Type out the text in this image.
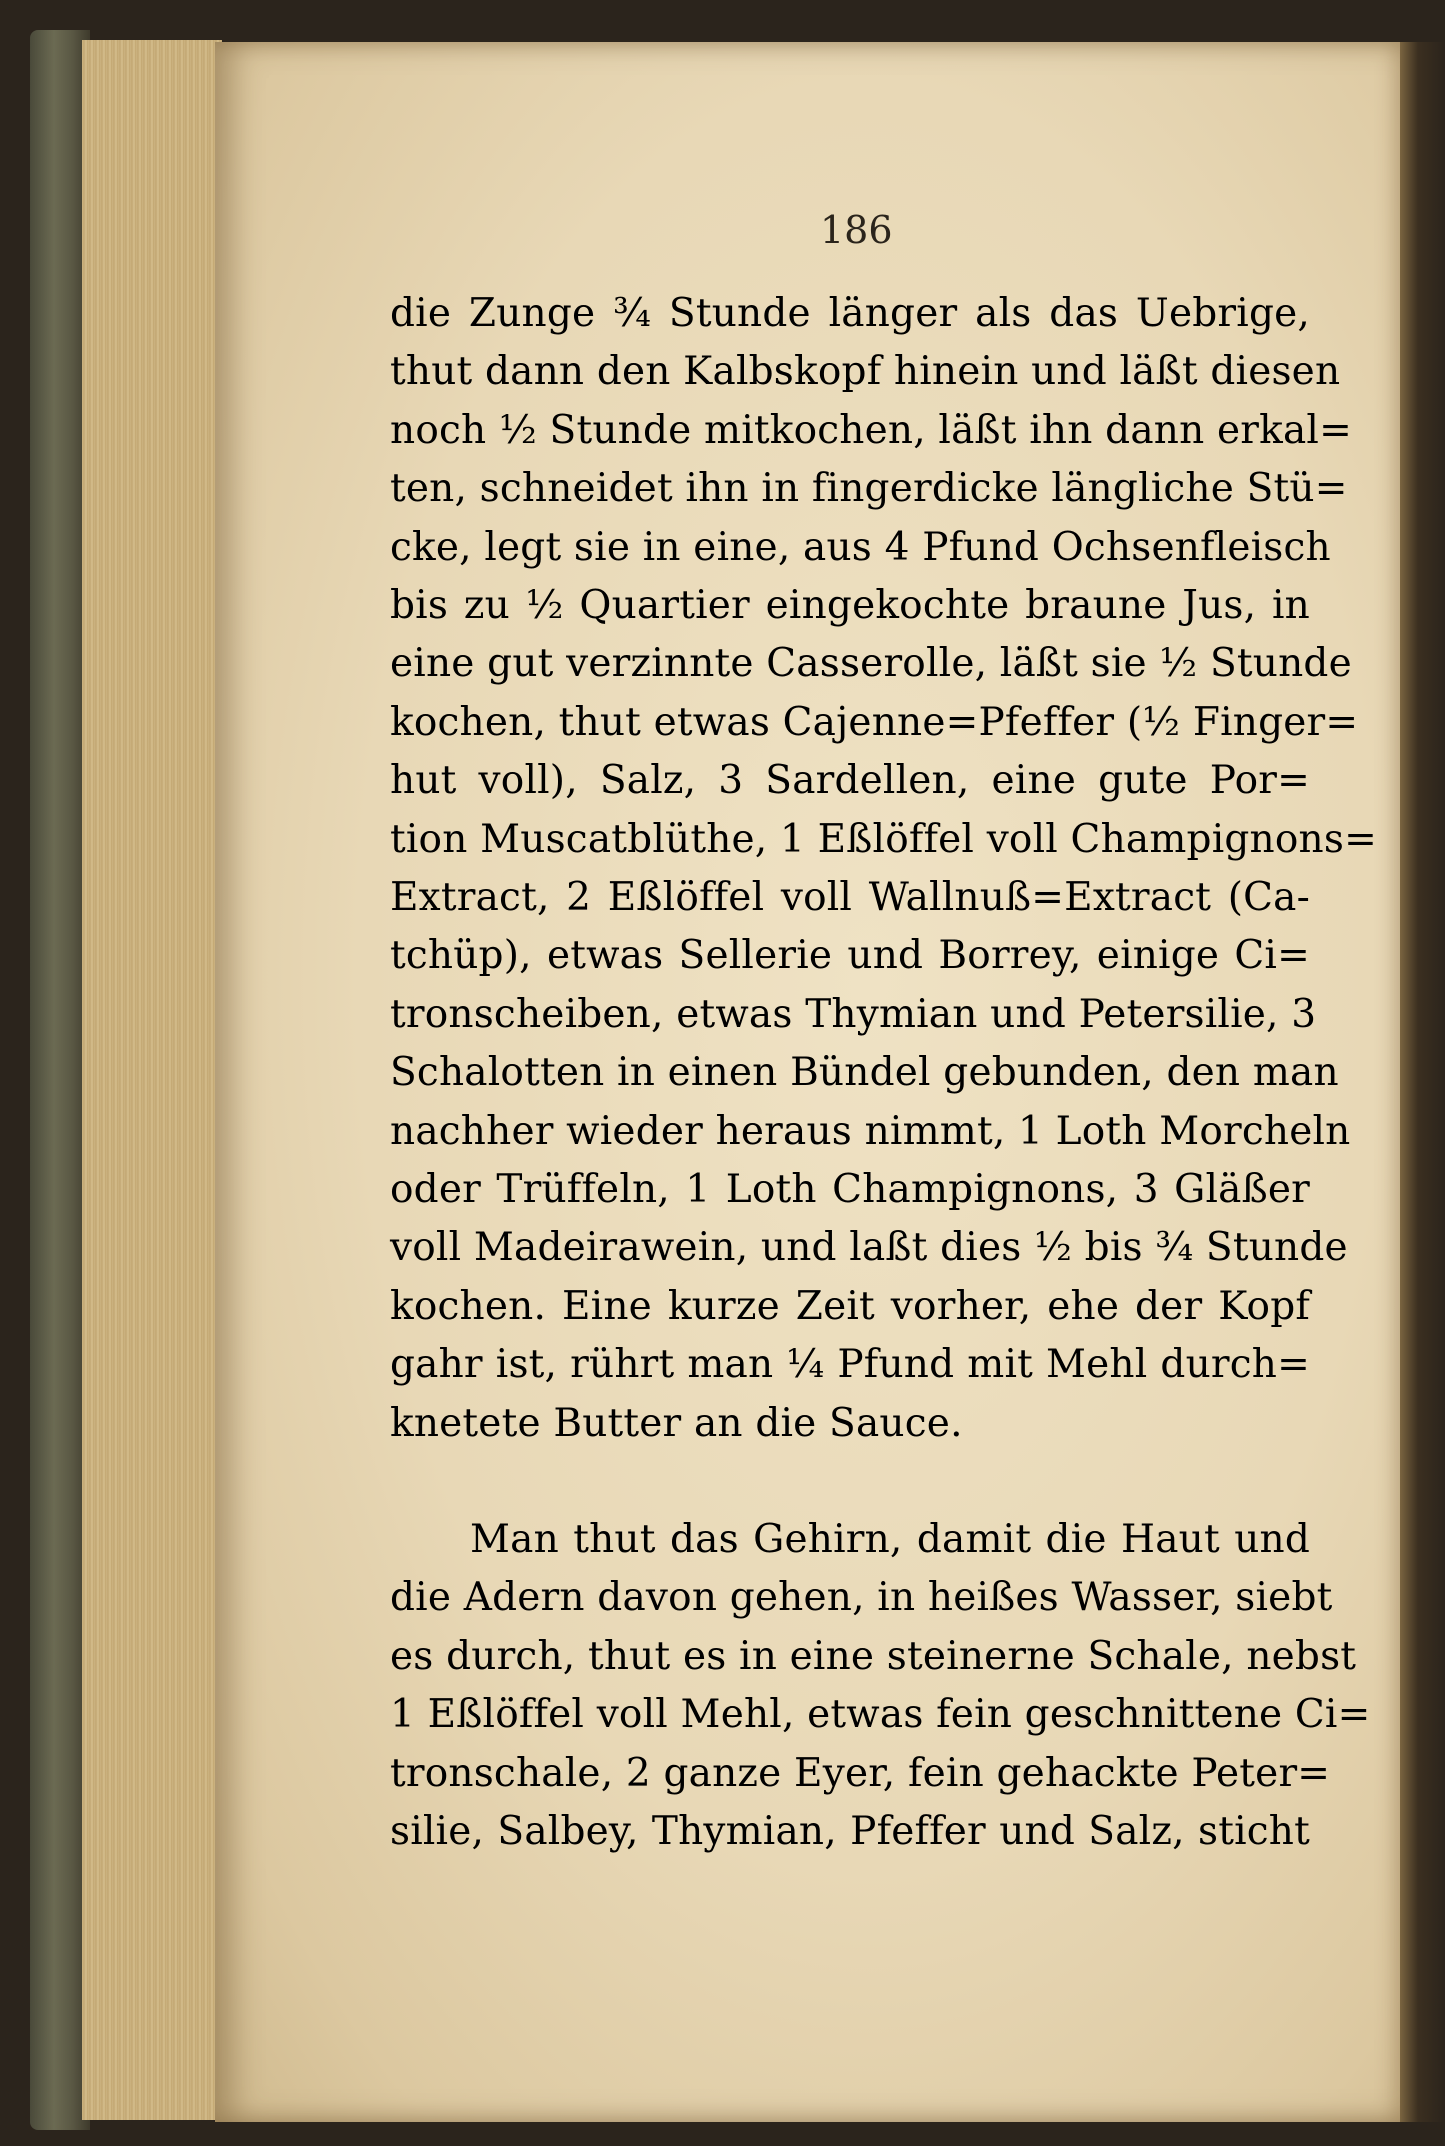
186
die Zunge ¾ Stunde länger als das Uebrige,
thut dann den Kalbskopf hinein und läßt diesen
noch ½ Stunde mitkochen, läßt ihn dann erkal=
ten, schneidet ihn in fingerdicke längliche Stü=
cke, legt sie in eine, aus 4 Pfund Ochsenfleisch
bis zu ½ Quartier eingekochte braune Jus, in
eine gut verzinnte Casserolle, läßt sie ½ Stunde
kochen, thut etwas Cajenne=Pfeffer (½ Finger=
hut voll), Salz, 3 Sardellen, eine gute Por=
tion Muscatblüthe, 1 Eßlöffel voll Champignons=
Extract, 2 Eßlöffel voll Wallnuß=Extract (Ca-
tchüp), etwas Sellerie und Borrey, einige Ci=
tronscheiben, etwas Thymian und Petersilie, 3
Schalotten in einen Bündel gebunden, den man
nachher wieder heraus nimmt, 1 Loth Morcheln
oder Trüffeln, 1 Loth Champignons, 3 Gläßer
voll Madeirawein, und laßt dies ½ bis ¾ Stunde
kochen. Eine kurze Zeit vorher, ehe der Kopf
gahr ist, rührt man ¼ Pfund mit Mehl durch=
knetete Butter an die Sauce.
Man thut das Gehirn, damit die Haut und
die Adern davon gehen, in heißes Wasser, siebt
es durch, thut es in eine steinerne Schale, nebst
1 Eßlöffel voll Mehl, etwas fein geschnittene Ci=
tronschale, 2 ganze Eyer, fein gehackte Peter=
silie, Salbey, Thymian, Pfeffer und Salz, sticht
